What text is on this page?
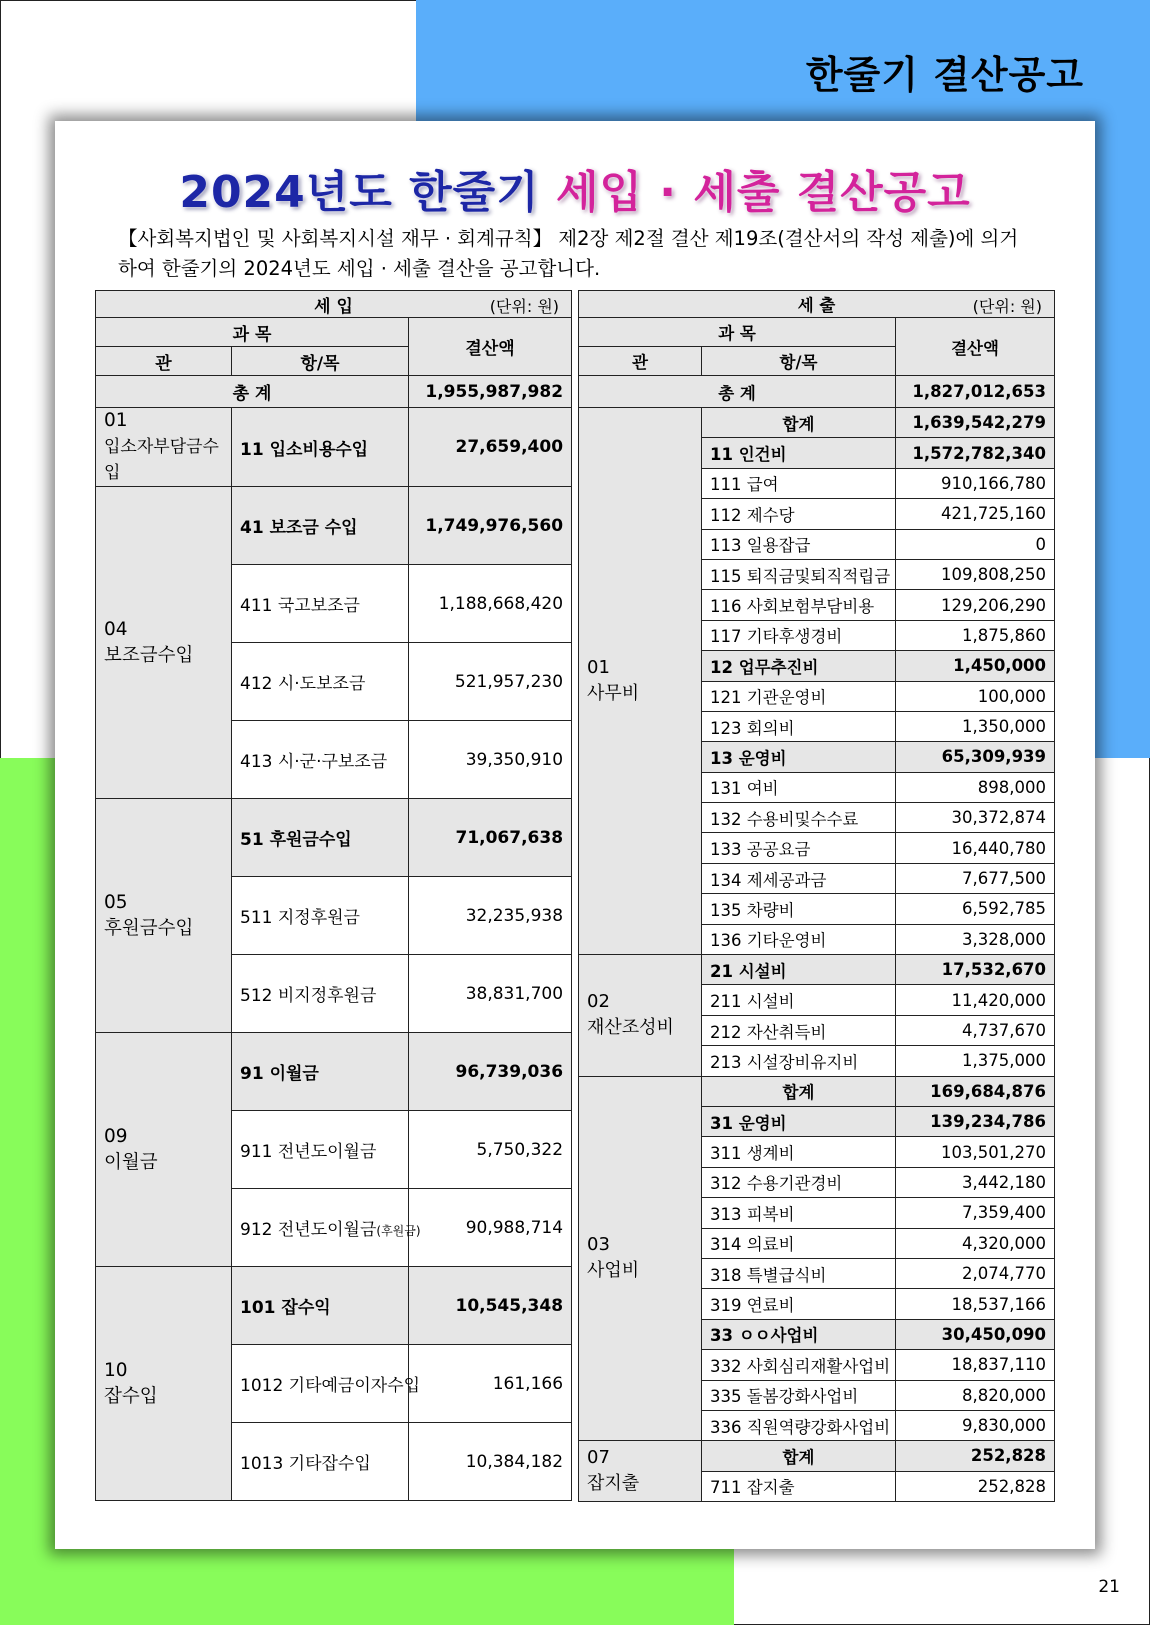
한줄기 결산공고
2024년도 한줄기 세입 · 세출 결산공고
【사회복지법인 및 사회복지시설 재무 · 회계규칙】 제2장 제2절 결산 제19조(결산서의 작성 제출)에 의거
하여 한줄기의 2024년도 세입 · 세출 결산을 공고합니다.
세 입 (단위: 원)		

과 목		결산액
관	항/목	
총 계		1,955,987,982

01
입소자부담금수입	11 입소비용수입	27,659,400

04
보조금수입	41 보조금 수입	1,749,976,560
	411 국고보조금	1,188,668,420
	412 시·도보조금	521,957,230
	413 시·군·구보조금	39,350,910

05
후원금수입	51 후원금수입	71,067,638
	511 지정후원금	32,235,938
	512 비지정후원금	38,831,700

09
이월금	91 이월금	96,739,036
	911 전년도이월금	5,750,322
	912 전년도이월금(후원금)	90,988,714

10
잡수입	101 잡수익	10,545,348
	1012 기타예금이자수입	161,166
	1013 기타잡수입	10,384,182
세 출 (단위: 원)		

과 목		결산액
관	항/목	
총 계		1,827,012,653

01
사무비	합계	1,639,542,279
	11 인건비	1,572,782,340
	111 급여	910,166,780
	112 제수당	421,725,160
	113 일용잡급	0
	115 퇴직금및퇴직적립금	109,808,250
	116 사회보험부담비용	129,206,290
	117 기타후생경비	1,875,860
	12 업무추진비	1,450,000
	121 기관운영비	100,000
	123 회의비	1,350,000
	13 운영비	65,309,939
	131 여비	898,000
	132 수용비및수수료	30,372,874
	133 공공요금	16,440,780
	134 제세공과금	7,677,500
	135 차량비	6,592,785
	136 기타운영비	3,328,000

02
재산조성비	21 시설비	17,532,670
	211 시설비	11,420,000
	212 자산취득비	4,737,670
	213 시설장비유지비	1,375,000

03
사업비	합계	169,684,876
	31 운영비	139,234,786
	311 생계비	103,501,270
	312 수용기관경비	3,442,180
	313 피복비	7,359,400
	314 의료비	4,320,000
	318 특별급식비	2,074,770
	319 연료비	18,537,166
	33 ㅇㅇ사업비	30,450,090
	332 사회심리재활사업비	18,837,110
	335 돌봄강화사업비	8,820,000
	336 직원역량강화사업비	9,830,000

07
잡지출	합계	252,828
	711 잡지출	252,828
21
